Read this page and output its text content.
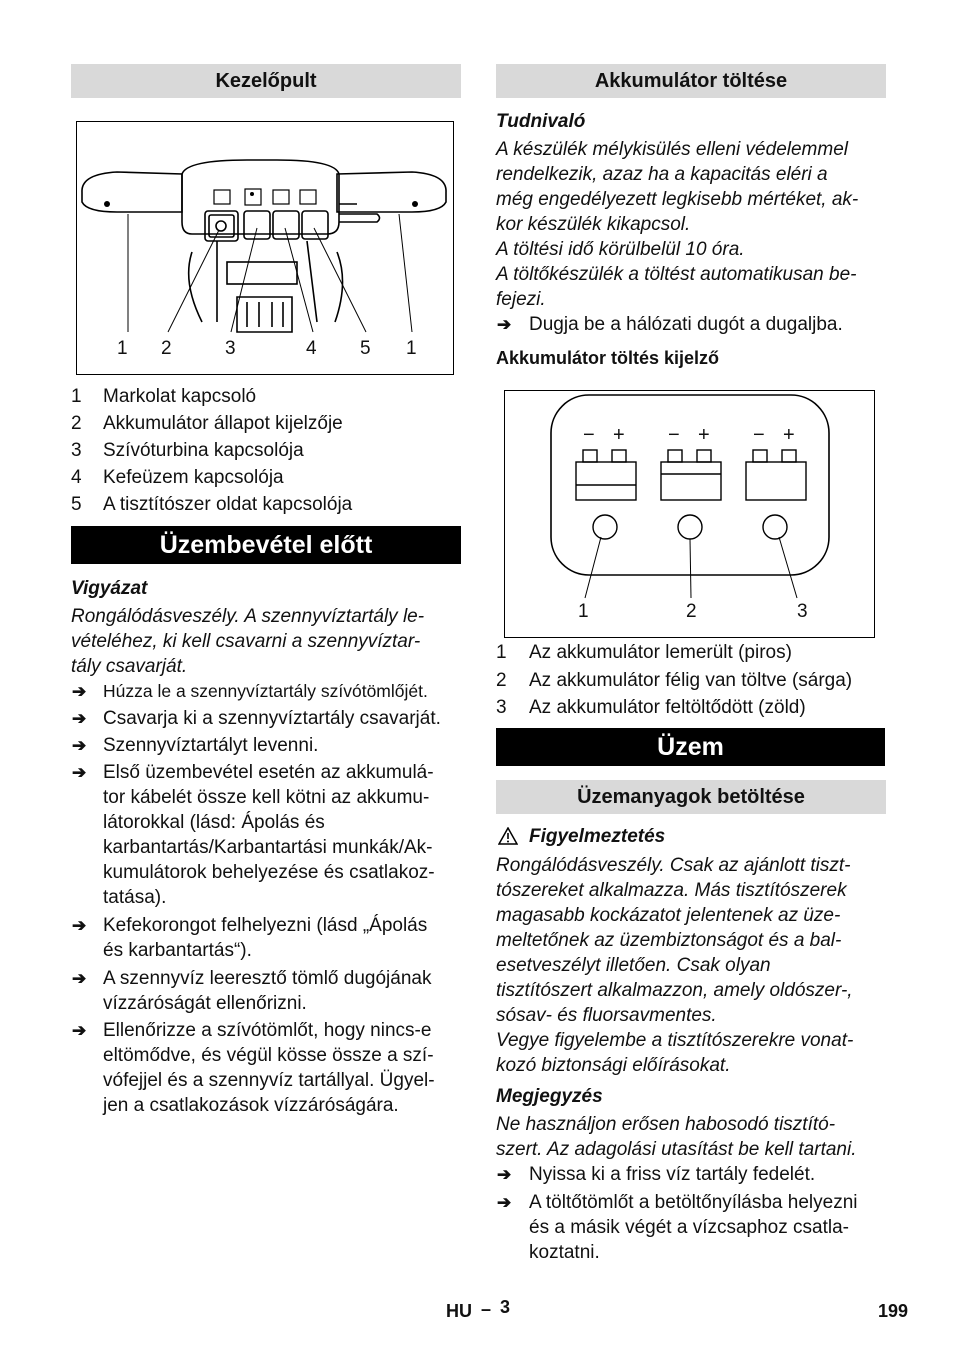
Kezelőpult
1 2	3	4 5 1
1 Markolat kapcsoló
2 Akkumulátor állapot kijelzője
3 Szívóturbina kapcsolója
4 Kefeüzem kapcsolója
5 A tisztítószer oldat kapcsolója
Üzembevétel előtt
Vigyázat
Rongálódásveszély. A szennyvíztartály le-
vételéhez, ki kell csavarni a szennyvíztar-
tály csavarját.
➔ Húzza le a szennyvíztartály szívótömlőjét.
➔ Csavarja ki a szennyvíztartály csavarját.
➔ Szennyvíztartályt levenni.
➔ Első üzembevétel esetén az akkumulá-
tor kábelét össze kell kötni az akkumu-
látorokkal (lásd: Ápolás és
karbantartás/Karbantartási munkák/Ak-
kumulátorok behelyezése és csatlakoz-
tatása).
➔ Kefekorongot felhelyezni (lásd „Ápolás
és karbantartás“).
➔ A szennyvíz leeresztő tömlő dugójának
vízzáróságát ellenőrizni.
➔ Ellenőrizze a szívótömlőt, hogy nincs-e
eltömődve, és végül kösse össze a szí-
vófejjel és a szennyvíz tartállyal. Ügyel-
jen a csatlakozások vízzáróságára.
Akkumulátor töltése
Tudnivaló
A készülék mélykisülés elleni védelemmel
rendelkezik, azaz ha a kapacitás eléri a
még engedélyezett legkisebb mértéket, ak-
kor készülék kikapcsol.
A töltési idő körülbelül 10 óra.
A töltőkészülék a töltést automatikusan be-
fejezi.
➔ Dugja be a hálózati dugót a dugaljba.
Akkumulátor töltés kijelző
− + − + − +
1	2	3
1 Az akkumulátor lemerült (piros)
2 Az akkumulátor félig van töltve (sárga)
3 Az akkumulátor feltöltődött (zöld)
Üzem
Üzemanyagok betöltése
Figyelmeztetés
Rongálódásveszély. Csak az ajánlott tiszt-
tószereket alkalmazza. Más tisztítószerek
magasabb kockázatot jelentenek az üze-
meltetőnek az üzembiztonságot és a bal-
esetveszélyt illetően. Csak olyan
tisztítószert alkalmazzon, amely oldószer-,
sósav- és fluorsavmentes.
Vegye figyelembe a tisztítószerekre vonat-
kozó biztonsági előírásokat.
Megjegyzés
Ne használjon erősen habosodó tisztító-
szert. Az adagolási utasítást be kell tartani.
➔ Nyissa ki a friss víz tartály fedelét.
➔ A töltőtömlőt a betöltőnyílásba helyezni
és a másik végét a vízcsaphoz csatla-
koztatni.
HU – 3	199
